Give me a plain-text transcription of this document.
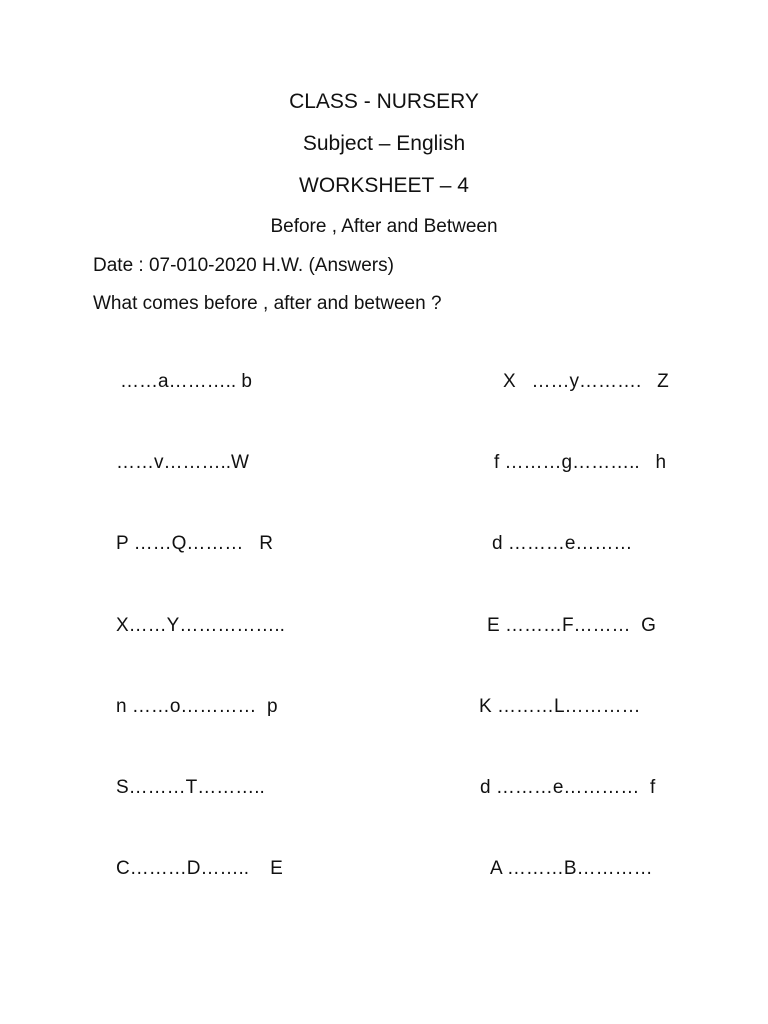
CLASS - NURSERY
Subject – English
WORKSHEET – 4
Before , After and Between
Date : 07-010-2020 H.W. (Answers)
What comes before , after and between ?
……a……….. b	X   ……y……….   Z
……v………..W	f ………g………..   h
P ……Q………   R	d ………e………
X……Y……………..	E ………F………  G
n ……o…………  p	K ………L…………
S………T………..	d ………e…………  f
C………D……..    E	A ………B…………
